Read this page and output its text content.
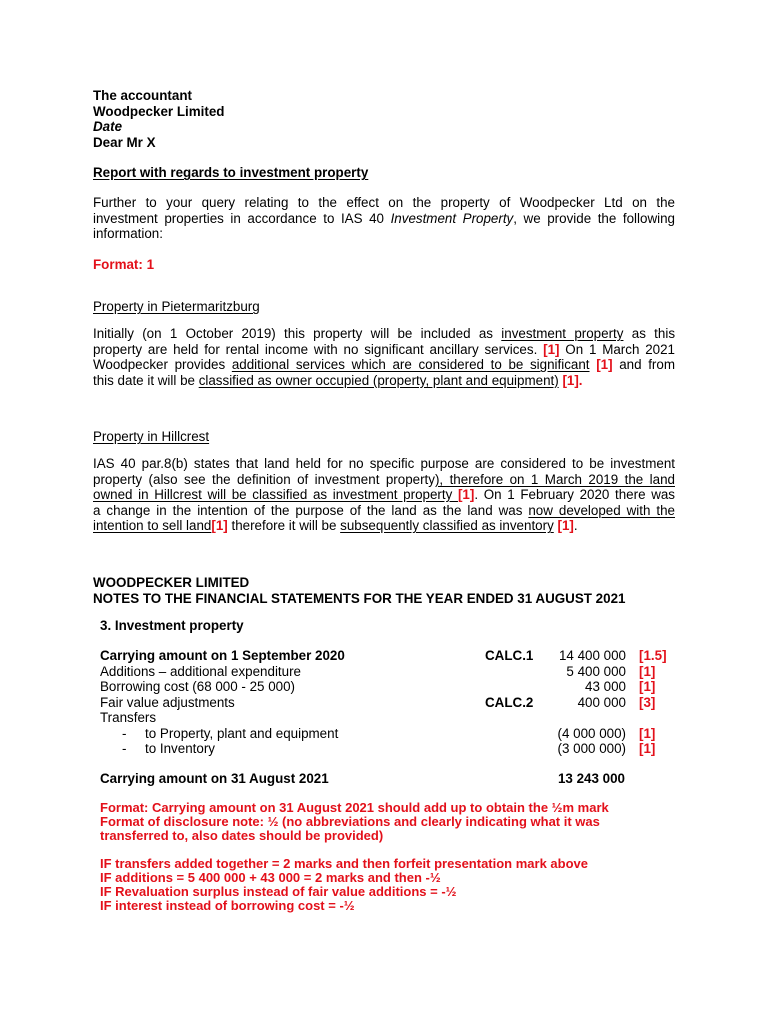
The accountant
Woodpecker Limited
Date
Dear Mr X
Report with regards to investment property
Further to your query relating to the effect on the property of Woodpecker Ltd on the
investment properties in accordance to IAS 40 Investment Property, we provide the following
information:
Format: 1
Property in Pietermaritzburg
Initially (on 1 October 2019) this property will be included as investment property as this
property are held for rental income with no significant ancillary services. [1] On 1 March 2021
Woodpecker provides additional services which are considered to be significant [1] and from
this date it will be classified as owner occupied (property, plant and equipment) [1].
Property in Hillcrest
IAS 40 par.8(b) states that land held for no specific purpose are considered to be investment
property (also see the definition of investment property), therefore on 1 March 2019 the land
owned in Hillcrest will be classified as investment property [1]. On 1 February 2020 there was
a change in the intention of the purpose of the land as the land was now developed with the
intention to sell land[1] therefore it will be subsequently classified as inventory [1].
WOODPECKER LIMITED
NOTES TO THE FINANCIAL STATEMENTS FOR THE YEAR ENDED 31 AUGUST 2021
3. Investment property
Carrying amount on 1 September 2020	CALC.1 14 400 000 [1.5]
Additions – additional expenditure	5 400 000 [1]
Borrowing cost (68 000 - 25 000)	43 000 [1]
Fair value adjustments	CALC.2	400 000 [3]
Transfers
- to Property, plant and equipment	(4 000 000) [1]
- to Inventory	(3 000 000) [1]
Carrying amount on 31 August 2021	13 243 000
Format: Carrying amount on 31 August 2021 should add up to obtain the ½m mark
Format of disclosure note: ½ (no abbreviations and clearly indicating what it was
transferred to, also dates should be provided)
IF transfers added together = 2 marks and then forfeit presentation mark above
IF additions = 5 400 000 + 43 000 = 2 marks and then -½
IF Revaluation surplus instead of fair value additions = -½
IF interest instead of borrowing cost = -½
